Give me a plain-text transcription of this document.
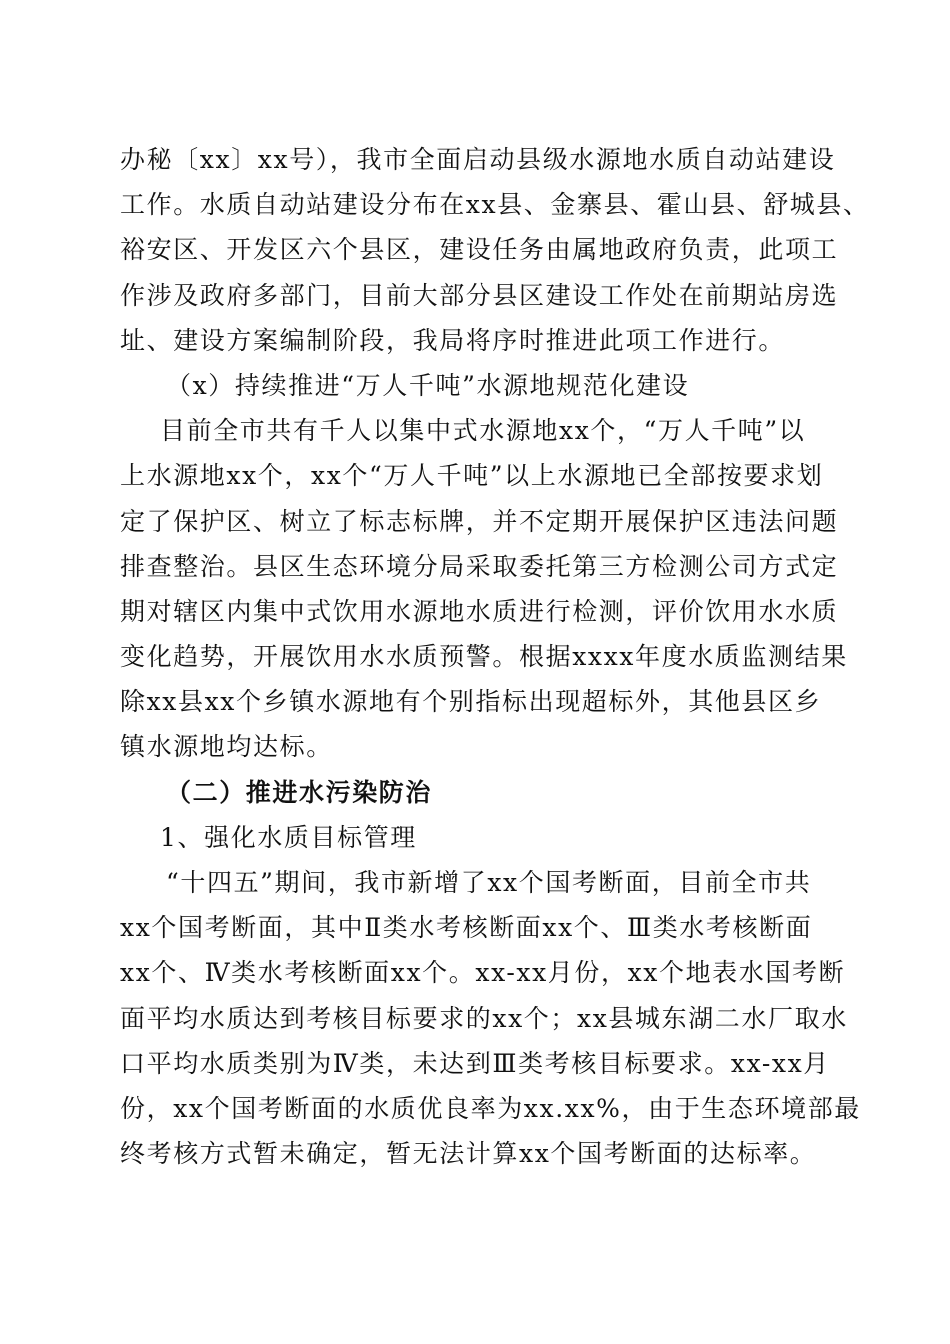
办秘〔xx〕xx号），我市全面启动县级水源地水质自动站建设
工作。水质自动站建设分布在xx县、金寨县、霍山县、舒城县、
裕安区、开发区六个县区，建设任务由属地政府负责，此项工
作涉及政府多部门，目前大部分县区建设工作处在前期站房选
址、建设方案编制阶段，我局将序时推进此项工作进行。
（x）持续推进“万人千吨”水源地规范化建设
目前全市共有千人以集中式水源地xx个，“万人千吨”以
上水源地xx个，xx个“万人千吨”以上水源地已全部按要求划
定了保护区、树立了标志标牌，并不定期开展保护区违法问题
排查整治。县区生态环境分局采取委托第三方检测公司方式定
期对辖区内集中式饮用水源地水质进行检测，评价饮用水水质
变化趋势，开展饮用水水质预警。根据xxxx年度水质监测结果
除xx县xx个乡镇水源地有个别指标出现超标外，其他县区乡
镇水源地均达标。
（二）推进水污染防治
1、强化水质目标管理
“十四五”期间，我市新增了xx个国考断面，目前全市共
xx个国考断面，其中Ⅱ类水考核断面xx个、Ⅲ类水考核断面
xx个、Ⅳ类水考核断面xx个。xx-xx月份，xx个地表水国考断
面平均水质达到考核目标要求的xx个；xx县城东湖二水厂取水
口平均水质类别为Ⅳ类，未达到Ⅲ类考核目标要求。xx-xx月
份，xx个国考断面的水质优良率为xx.xx%，由于生态环境部最
终考核方式暂未确定，暂无法计算xx个国考断面的达标率。
